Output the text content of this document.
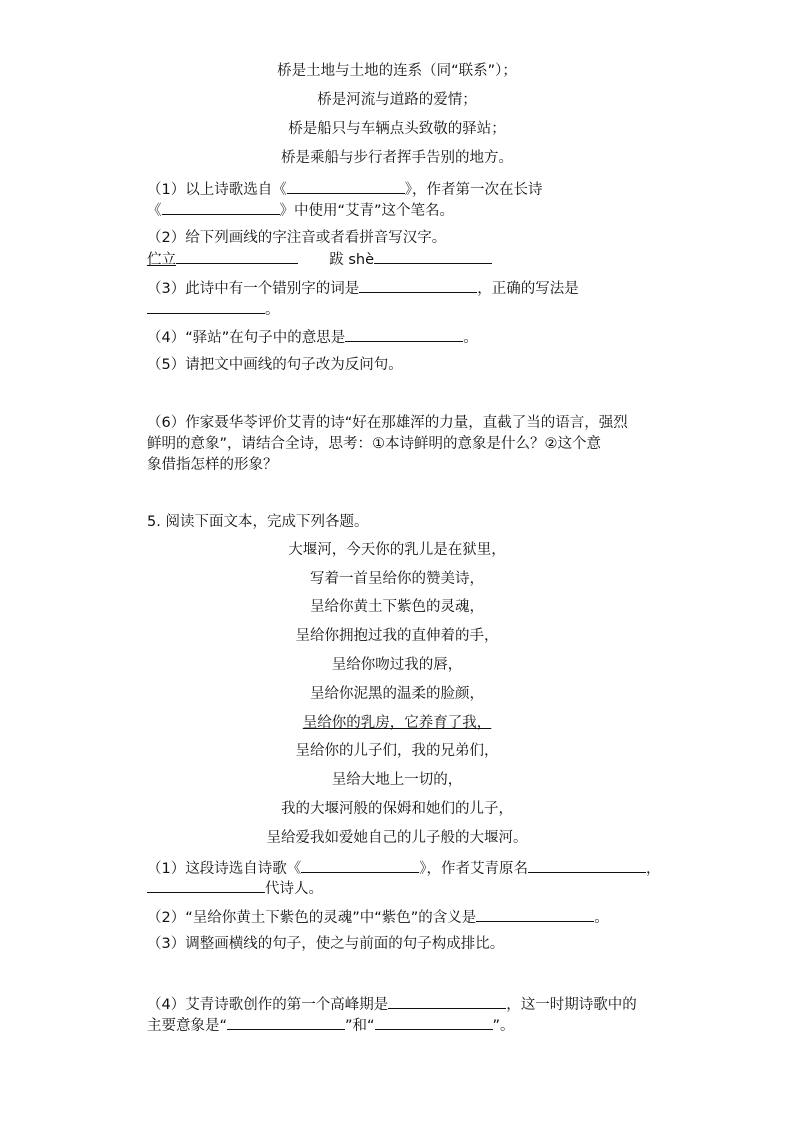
桥是土地与土地的连系（同“联系”）；
桥是河流与道路的爱情；
桥是船只与车辆点头致敬的驿站；
桥是乘船与步行者挥手告别的地方。
（1）以上诗歌选自《	》，作者第一次在长诗
《	》中使用“艾青”这个笔名。
（2）给下列画线的字注音或者看拼音写汉字。
伫立	跋 shè
（3）此诗中有一个错别字的词是	，正确的写法是
。
（4）“驿站”在句子中的意思是	。
（5）请把文中画线的句子改为反问句。
（6）作家聂华苓评价艾青的诗“好在那雄浑的力量，直截了当的语言，强烈
鲜明的意象”，请结合全诗，思考：①本诗鲜明的意象是什么？②这个意
象借指怎样的形象？
5. 阅读下面文本，完成下列各题。
大堰河，今天你的乳儿是在狱里，
写着一首呈给你的赞美诗，
呈给你黄土下紫色的灵魂，
呈给你拥抱过我的直伸着的手，
呈给你吻过我的唇，
呈给你泥黑的温柔的脸颜，
呈给你的乳房，它养育了我，
呈给你的儿子们，我的兄弟们，
呈给大地上一切的，
我的大堰河般的保姆和她们的儿子，
呈给爱我如爱她自己的儿子般的大堰河。
（1）这段诗选自诗歌《	》，作者艾青原名	，
代诗人。
（2）“呈给你黄土下紫色的灵魂”中“紫色”的含义是	。
（3）调整画横线的句子，使之与前面的句子构成排比。
（4）艾青诗歌创作的第一个高峰期是	，这一时期诗歌中的
主要意象是“	”和“	”。
